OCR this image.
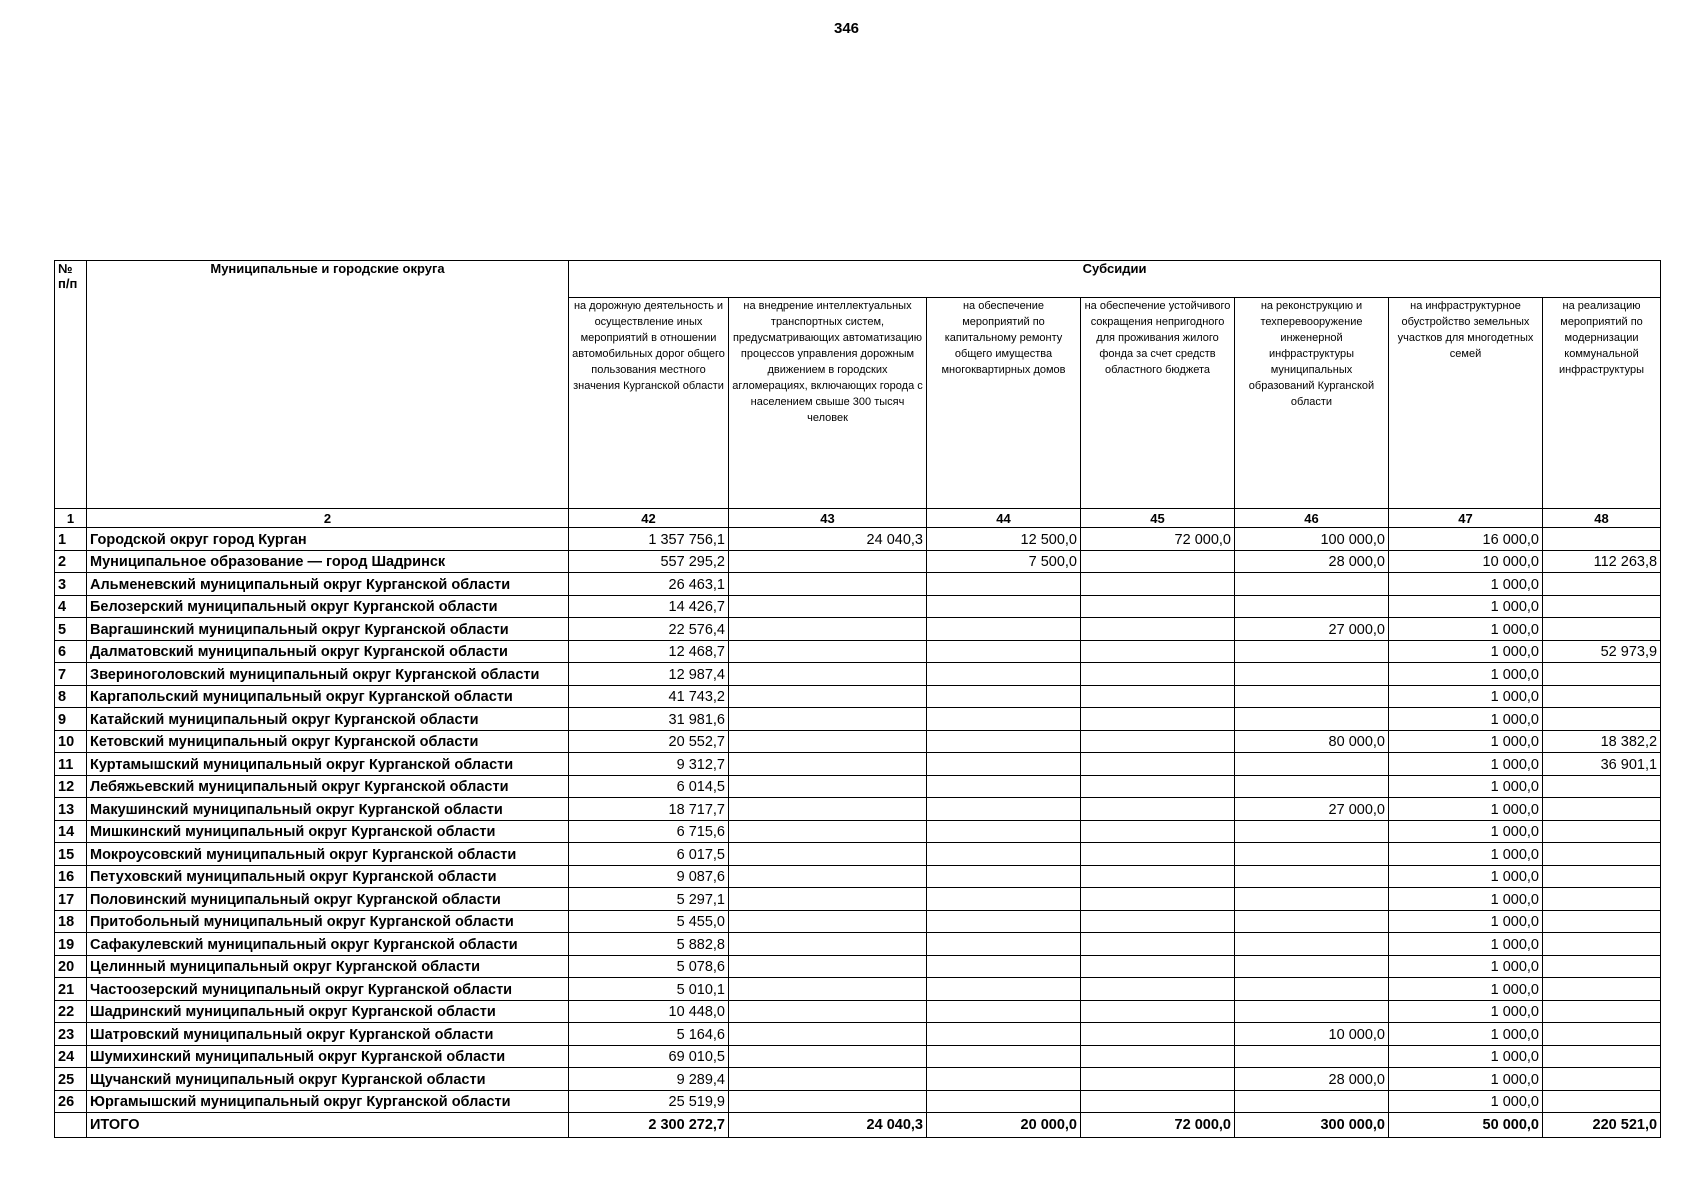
346
№ п/п	Муниципальные и городские округа	Субсидии						
		на дорожную деятельность и осуществление иных мероприятий в отношении автомобильных дорог общего пользования местного значения Курганской области	на внедрение интеллектуальных транспортных систем, предусматривающих автоматизацию процессов управления дорожным движением в городских агломерациях, включающих города с населением свыше 300 тысяч человек	на обеспечение мероприятий по капитальному ремонту общего имущества многоквартирных домов	на обеспечение устойчивого сокращения непригодного для проживания жилого фонда за счет средств областного бюджета	на реконструкцию и техперевооружение инженерной инфраструктуры муниципальных образований Курганской области	на инфраструктурное обустройство земельных участков для многодетных семей	на реализацию мероприятий по модернизации коммунальной инфраструктуры
1	2	42	43	44	45	46	47	48
1	Городской округ город Курган	1 357 756,1	24 040,3	12 500,0	72 000,0	100 000,0	16 000,0	
2	Муниципальное образование — город Шадринск	557 295,2		7 500,0		28 000,0	10 000,0	112 263,8
3	Альменевский муниципальный округ Курганской области	26 463,1					1 000,0	
4	Белозерский муниципальный округ Курганской области	14 426,7					1 000,0	
5	Варгашинский муниципальный округ Курганской области	22 576,4				27 000,0	1 000,0	
6	Далматовский муниципальный округ Курганской области	12 468,7					1 000,0	52 973,9
7	Звериноголовский муниципальный округ Курганской области	12 987,4					1 000,0	
8	Каргапольский муниципальный округ Курганской области	41 743,2					1 000,0	
9	Катайский муниципальный округ Курганской области	31 981,6					1 000,0	
10	Кетовский муниципальный округ Курганской области	20 552,7				80 000,0	1 000,0	18 382,2
11	Куртамышский муниципальный округ Курганской области	9 312,7					1 000,0	36 901,1
12	Лебяжьевский муниципальный округ Курганской области	6 014,5					1 000,0	
13	Макушинский муниципальный округ Курганской области	18 717,7				27 000,0	1 000,0	
14	Мишкинский муниципальный округ Курганской области	6 715,6					1 000,0	
15	Мокроусовский муниципальный округ Курганской области	6 017,5					1 000,0	
16	Петуховский муниципальный округ Курганской области	9 087,6					1 000,0	
17	Половинский муниципальный округ Курганской области	5 297,1					1 000,0	
18	Притобольный муниципальный округ Курганской области	5 455,0					1 000,0	
19	Сафакулевский муниципальный округ Курганской области	5 882,8					1 000,0	
20	Целинный муниципальный округ Курганской области	5 078,6					1 000,0	
21	Частоозерский муниципальный округ Курганской области	5 010,1					1 000,0	
22	Шадринский муниципальный округ Курганской области	10 448,0					1 000,0	
23	Шатровский муниципальный округ Курганской области	5 164,6				10 000,0	1 000,0	
24	Шумихинский муниципальный округ Курганской области	69 010,5					1 000,0	
25	Щучанский муниципальный округ Курганской области	9 289,4				28 000,0	1 000,0	
26	Юргамышский муниципальный округ Курганской области	25 519,9					1 000,0	
	ИТОГО	2 300 272,7	24 040,3	20 000,0	72 000,0	300 000,0	50 000,0	220 521,0
